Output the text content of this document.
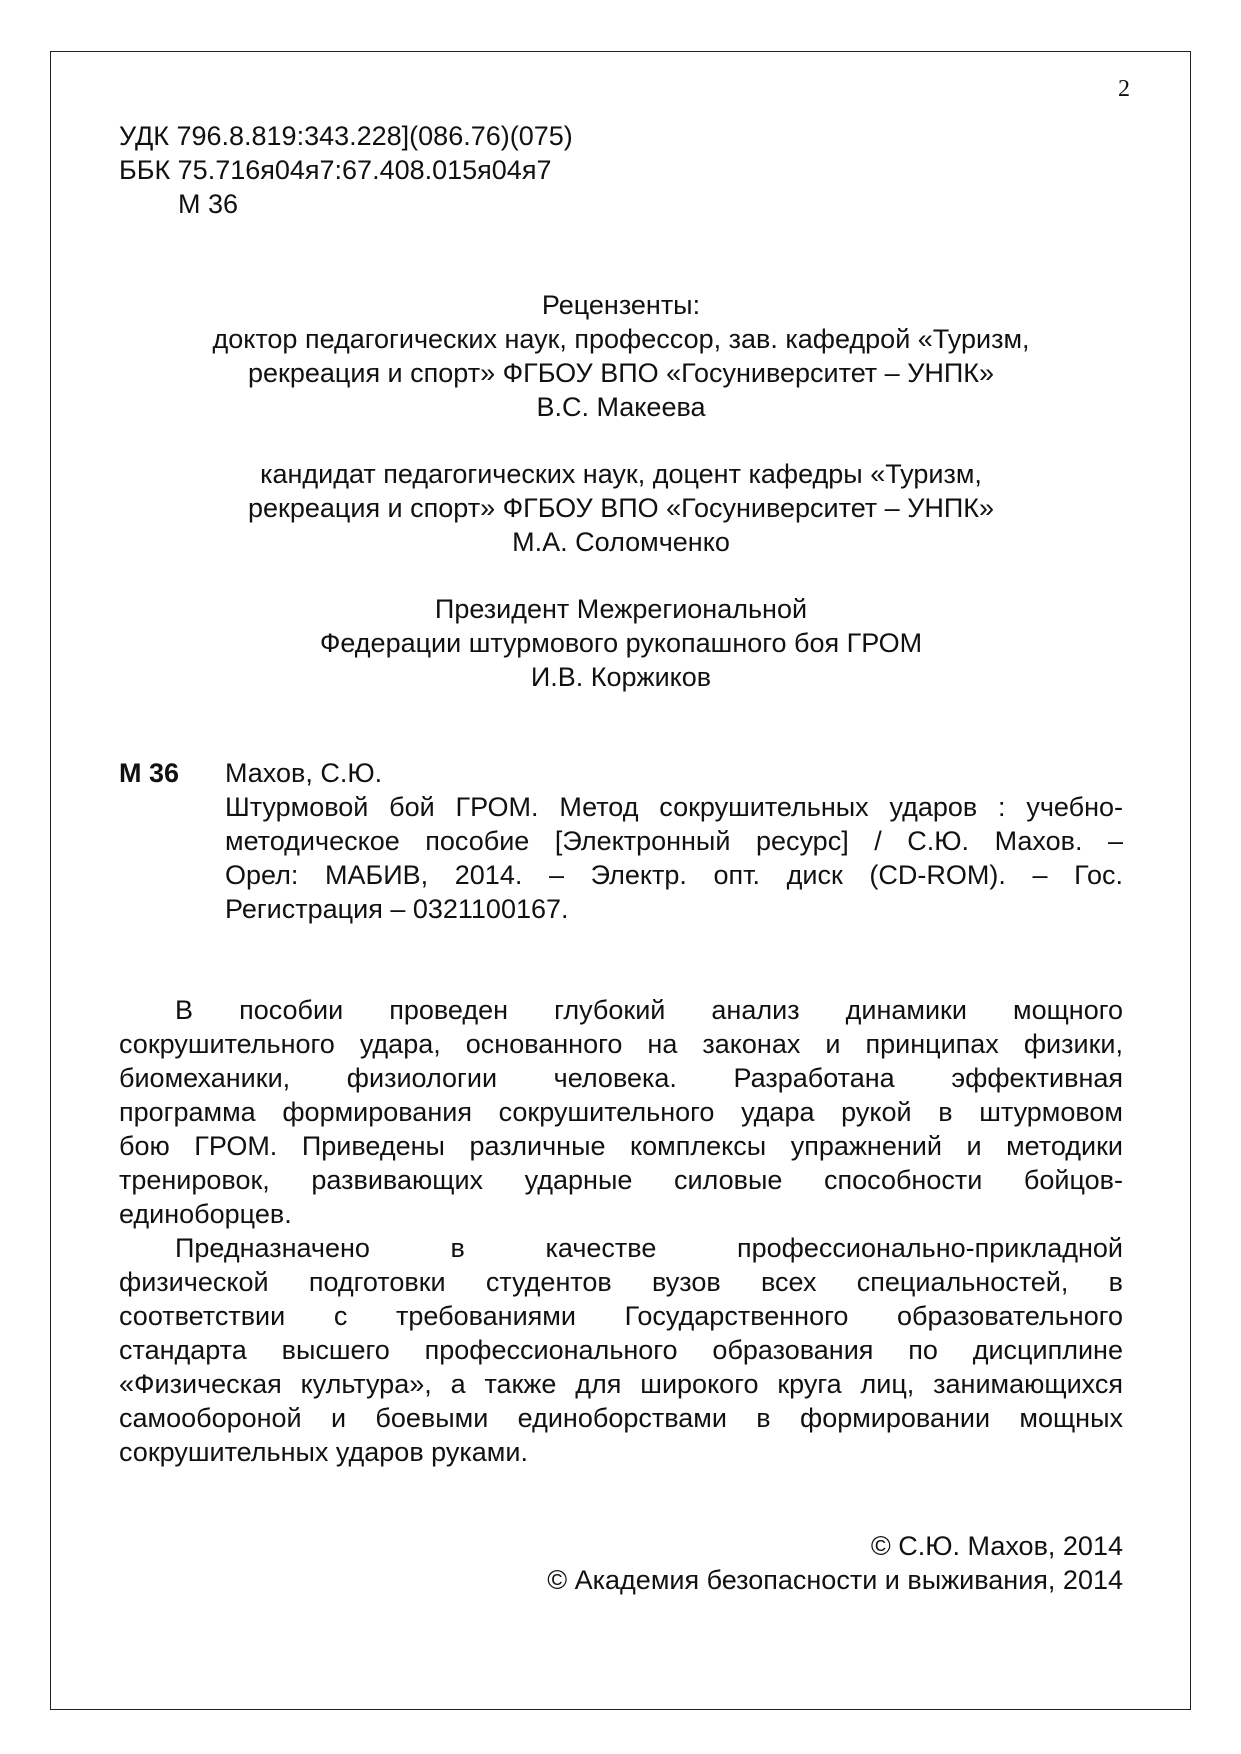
2
УДК 796.8.819:343.228](086.76)(075)
ББК 75.716я04я7:67.408.015я04я7
М 36
Рецензенты:
доктор педагогических наук, профессор, зав. кафедрой «Туризм,
рекреация и спорт» ФГБОУ ВПО «Госуниверситет – УНПК»
В.С. Макеева
кандидат педагогических наук, доцент кафедры «Туризм,
рекреация и спорт» ФГБОУ ВПО «Госуниверситет – УНПК»
М.А. Соломченко
Президент Межрегиональной
Федерации штурмового рукопашного боя ГРОМ
И.В. Коржиков
М 36 Махов, С.Ю.
Штурмовой бой ГРОМ. Метод сокрушительных ударов : учебно-
методическое пособие [Электронный ресурс] / С.Ю. Махов. –
Орел: МАБИВ, 2014. – Электр. опт. диск (CD-ROM). – Гос.
Регистрация – 0321100167.
В пособии проведен глубокий анализ динамики мощного
сокрушительного удара, основанного на законах и принципах физики,
биомеханики, физиологии человека. Разработана эффективная
программа формирования сокрушительного удара рукой в штурмовом
бою ГРОМ. Приведены различные комплексы упражнений и методики
тренировок, развивающих ударные силовые способности бойцов-
единоборцев.
Предназначено в качестве профессионально-прикладной
физической подготовки студентов вузов всех специальностей, в
соответствии с требованиями Государственного образовательного
стандарта высшего профессионального образования по дисциплине
«Физическая культура», а также для широкого круга лиц, занимающихся
самообороной и боевыми единоборствами в формировании мощных
сокрушительных ударов руками.
© С.Ю. Махов, 2014
© Академия безопасности и выживания, 2014
